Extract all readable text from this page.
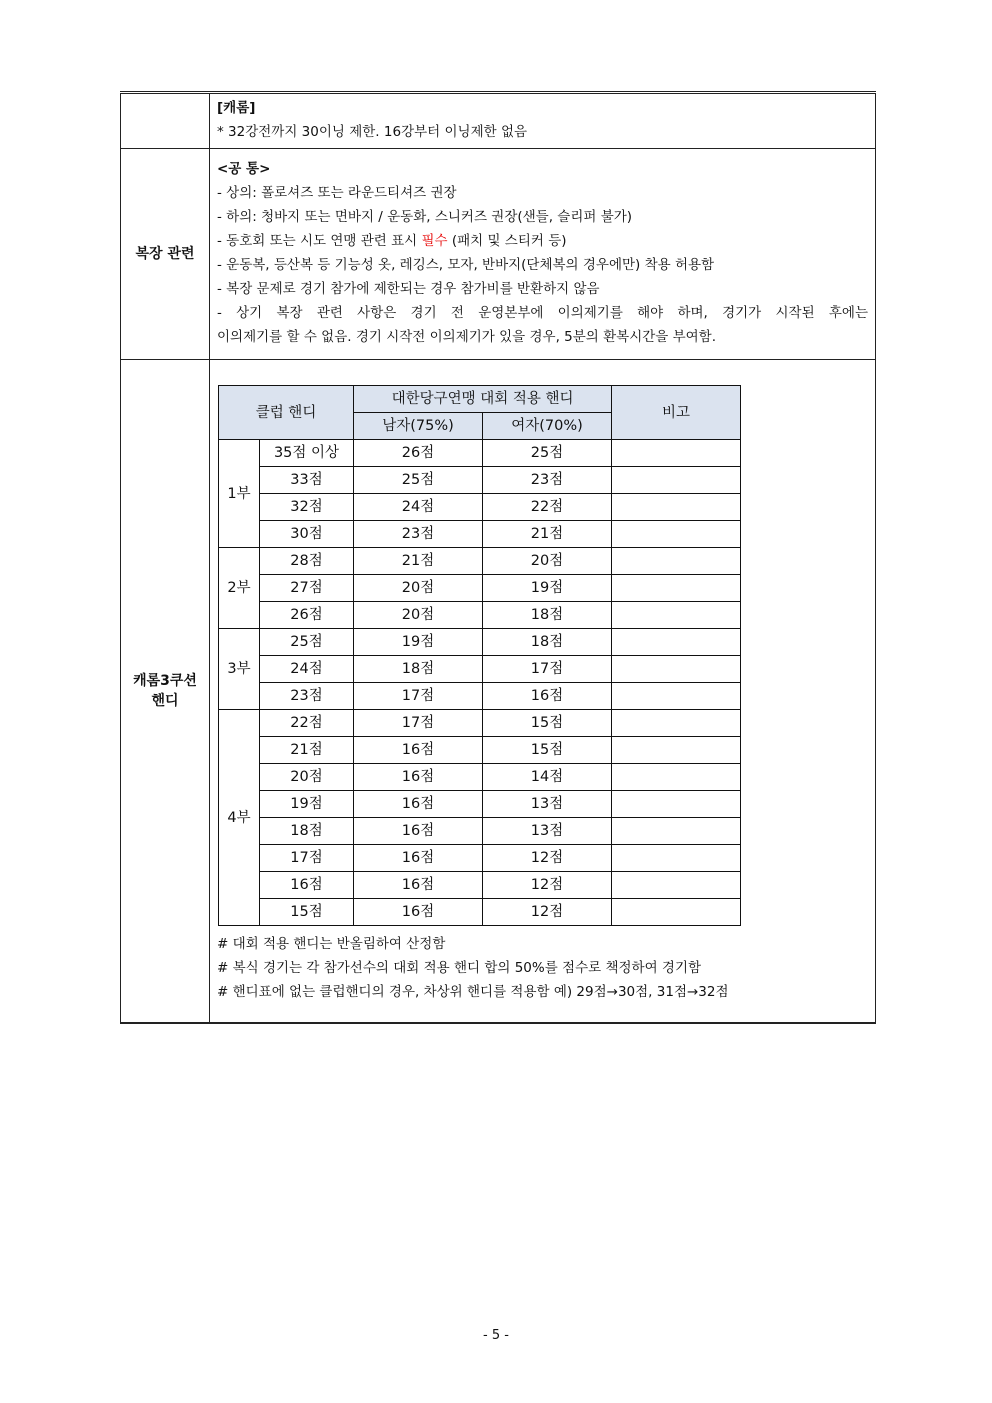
[캐롬]
* 32강전까지 30이닝 제한. 16강부터 이닝제한 없음

복장 관련	
<공 통>
- 상의: 폴로셔즈 또는 라운드티셔즈 권장
- 하의: 청바지 또는 면바지 / 운동화, 스니커즈 권장(샌들, 슬리퍼 불가)
- 동호회 또는 시도 연맹 관련 표시 필수 (패치 및 스티커 등)
- 운동복, 등산복 등 기능성 옷, 레깅스, 모자, 반바지(단체복의 경우에만) 착용 허용함
- 복장 문제로 경기 참가에 제한되는 경우 참가비를 반환하지 않음
- 상기 복장 관련 사항은 경기 전 운영본부에 이의제기를 해야 하며, 경기가 시작된 후에는
이의제기를 할 수 없음. 경기 시작전 이의제기가 있을 경우, 5분의 환복시간을 부여함.

캐롬3쿠션
핸디

클럽 핸디	대한당구연맹 대회 적용 핸디	비고
남자(75%)	여자(70%)
1부	35점 이상	26점	25점	
33점	25점	23점	
32점	24점	22점	
30점	23점	21점	
2부	28점	21점	20점	
27점	20점	19점	
26점	20점	18점	
3부	25점	19점	18점	
24점	18점	17점	
23점	17점	16점	
4부	22점	17점	15점	
21점	16점	15점	
20점	16점	14점	
19점	16점	13점	
18점	16점	13점	
17점	16점	12점	
16점	16점	12점	
15점	16점	12점	
# 대회 적용 핸디는 반올림하여 산정함
# 복식 경기는 각 참가선수의 대회 적용 핸디 합의 50%를 점수로 책정하여 경기함
# 핸디표에 없는 클럽핸디의 경우, 차상위 핸디를 적용함 예) 29점→30점, 31점→32점
- 5 -
